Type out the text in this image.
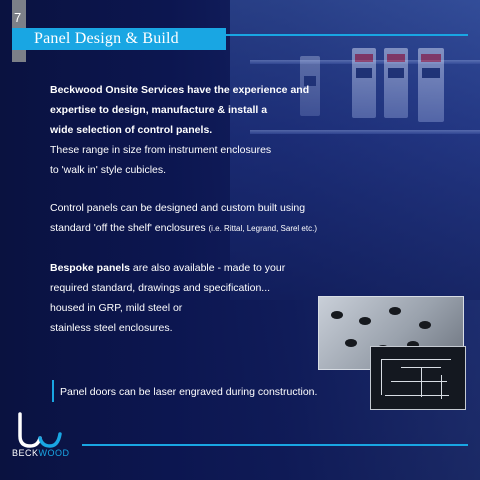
7
Panel Design & Build
Beckwood Onsite Services have the experience and
expertise to design, manufacture & install a
wide selection of control panels.
These range in size from instrument enclosures
to 'walk in' style cubicles.
Control panels can be designed and custom built using
standard 'off the shelf' enclosures (i.e. Rittal, Legrand, Sarel etc.)
Bespoke panels are also available - made to your
required standard, drawings and specification...
housed in GRP, mild steel or
stainless steel enclosures.
Panel doors can be laser engraved during construction.
BECKWOOD
